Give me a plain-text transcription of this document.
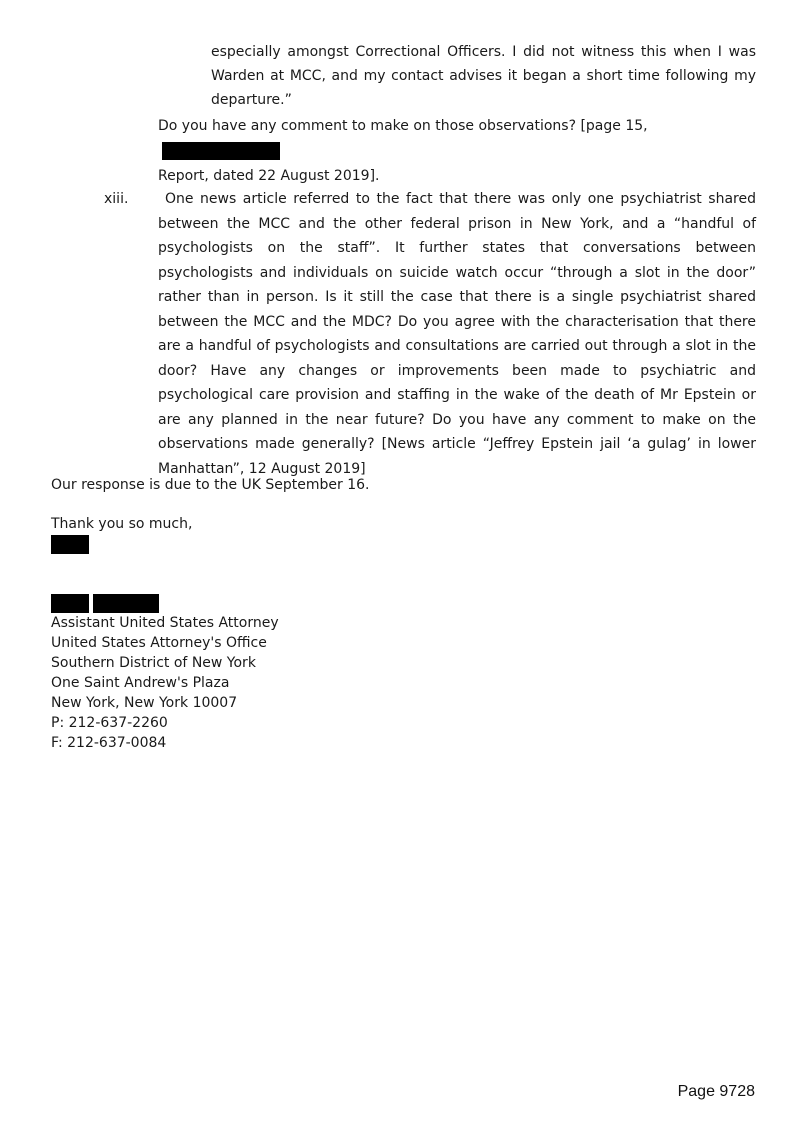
especially amongst Correctional Officers. I did not witness this when I was Warden at MCC, and my contact advises it began a short time following my departure.”
Do you have any comment to make on those observations? [page 15,
Report, dated 22 August 2019].
xiii.	One news article referred to the fact that there was only one psychiatrist shared between the MCC and the other federal prison in New York, and a “handful of psychologists on the staff”. It further states that conversations between psychologists and individuals on suicide watch occur “through a slot in the door” rather than in person. Is it still the case that there is a single psychiatrist shared between the MCC and the MDC? Do you agree with the characterisation that there are a handful of psychologists and consultations are carried out through a slot in the door? Have any changes or improvements been made to psychiatric and psychological care provision and staffing in the wake of the death of Mr Epstein or are any planned in the near future? Do you have any comment to make on the observations made generally? [News article “Jeffrey Epstein jail ‘a gulag’ in lower Manhattan”, 12 August 2019]
Our response is due to the UK September 16.
Thank you so much,
Assistant United States Attorney
United States Attorney's Office
Southern District of New York
One Saint Andrew's Plaza
New York, New York 10007
P: 212-637-2260
F: 212-637-0084
Page 9728
